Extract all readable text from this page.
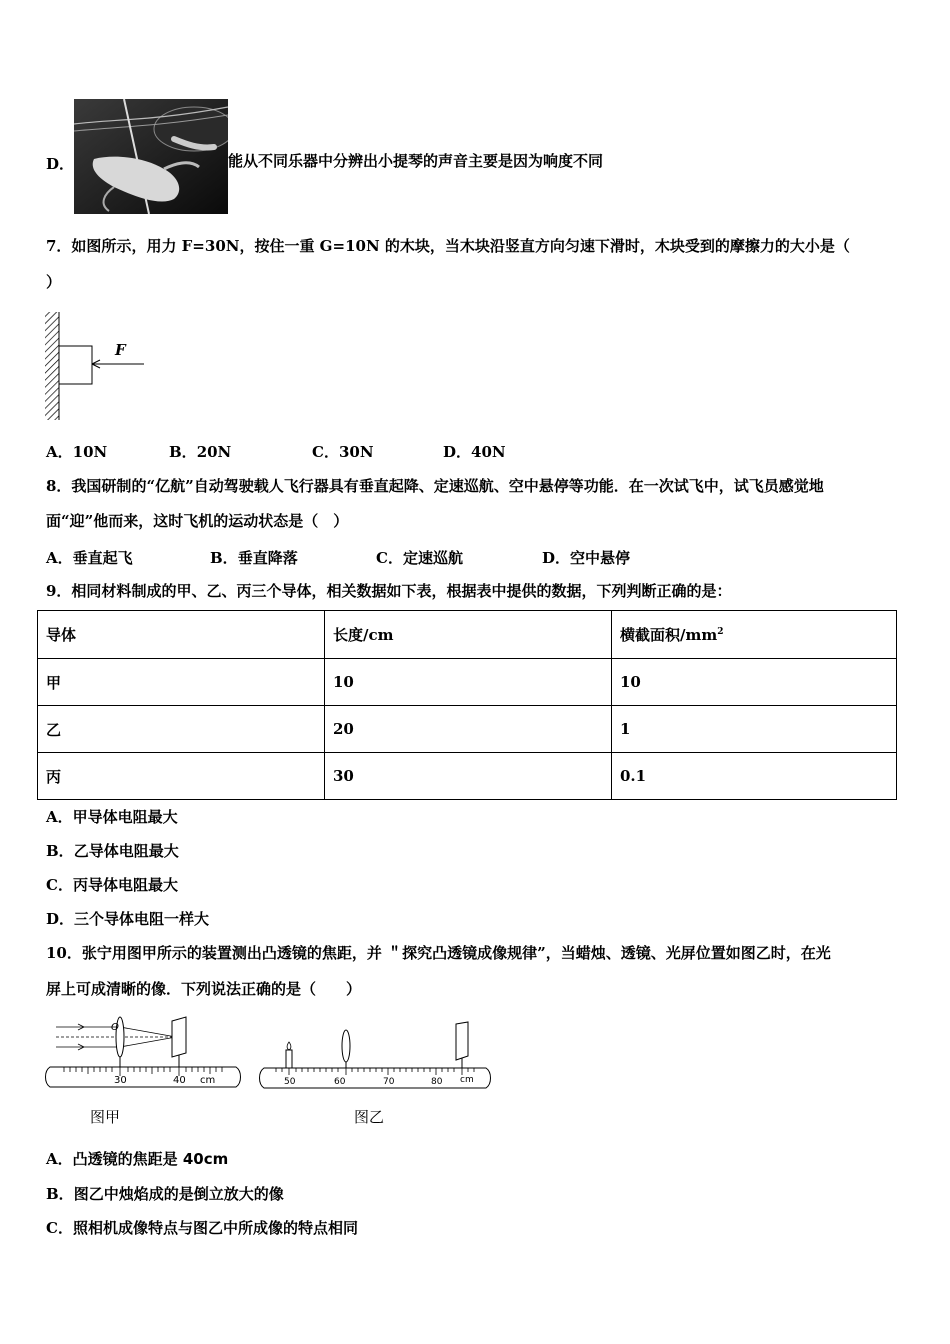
D．	能从不同乐器中分辨出小提琴的声音主要是因为响度不同
7．如图所示，用力 F=30N，按住一重 G=10N 的木块，当木块沿竖直方向匀速下滑时，木块受到的摩擦力的大小是（
）
F
A．10N	B．20N	C．30N	D．40N
8．我国研制的“亿航”自动驾驶载人飞行器具有垂直起降、定速巡航、空中悬停等功能．在一次试飞中，试飞员感觉地
面“迎”他而来，这时飞机的运动状态是（　）
A．垂直起飞	B．垂直降落	C．定速巡航	D．空中悬停
9．相同材料制成的甲、乙、丙三个导体，相关数据如下表，根据表中提供的数据，下列判断正确的是：
导体	长度/cm	横截面积$/mm^2$
甲	10	10
乙	20	1
丙	30	0.1
A．甲导体电阻最大
B．乙导体电阻最大
C．丙导体电阻最大
D．三个导体电阻一样大
10．张宁用图甲所示的装置测出凸透镜的焦距，并 ＂探究凸透镜成像规律”，当蜡烛、透镜、光屏位置如图乙时，在光
屏上可成清晰的像．下列说法正确的是（　　）
O
30	40 cm
图甲
50	60	70	80 cm
图乙
A．凸透镜的焦距是 40cm
B．图乙中烛焰成的是倒立放大的像
C．照相机成像特点与图乙中所成像的特点相同
